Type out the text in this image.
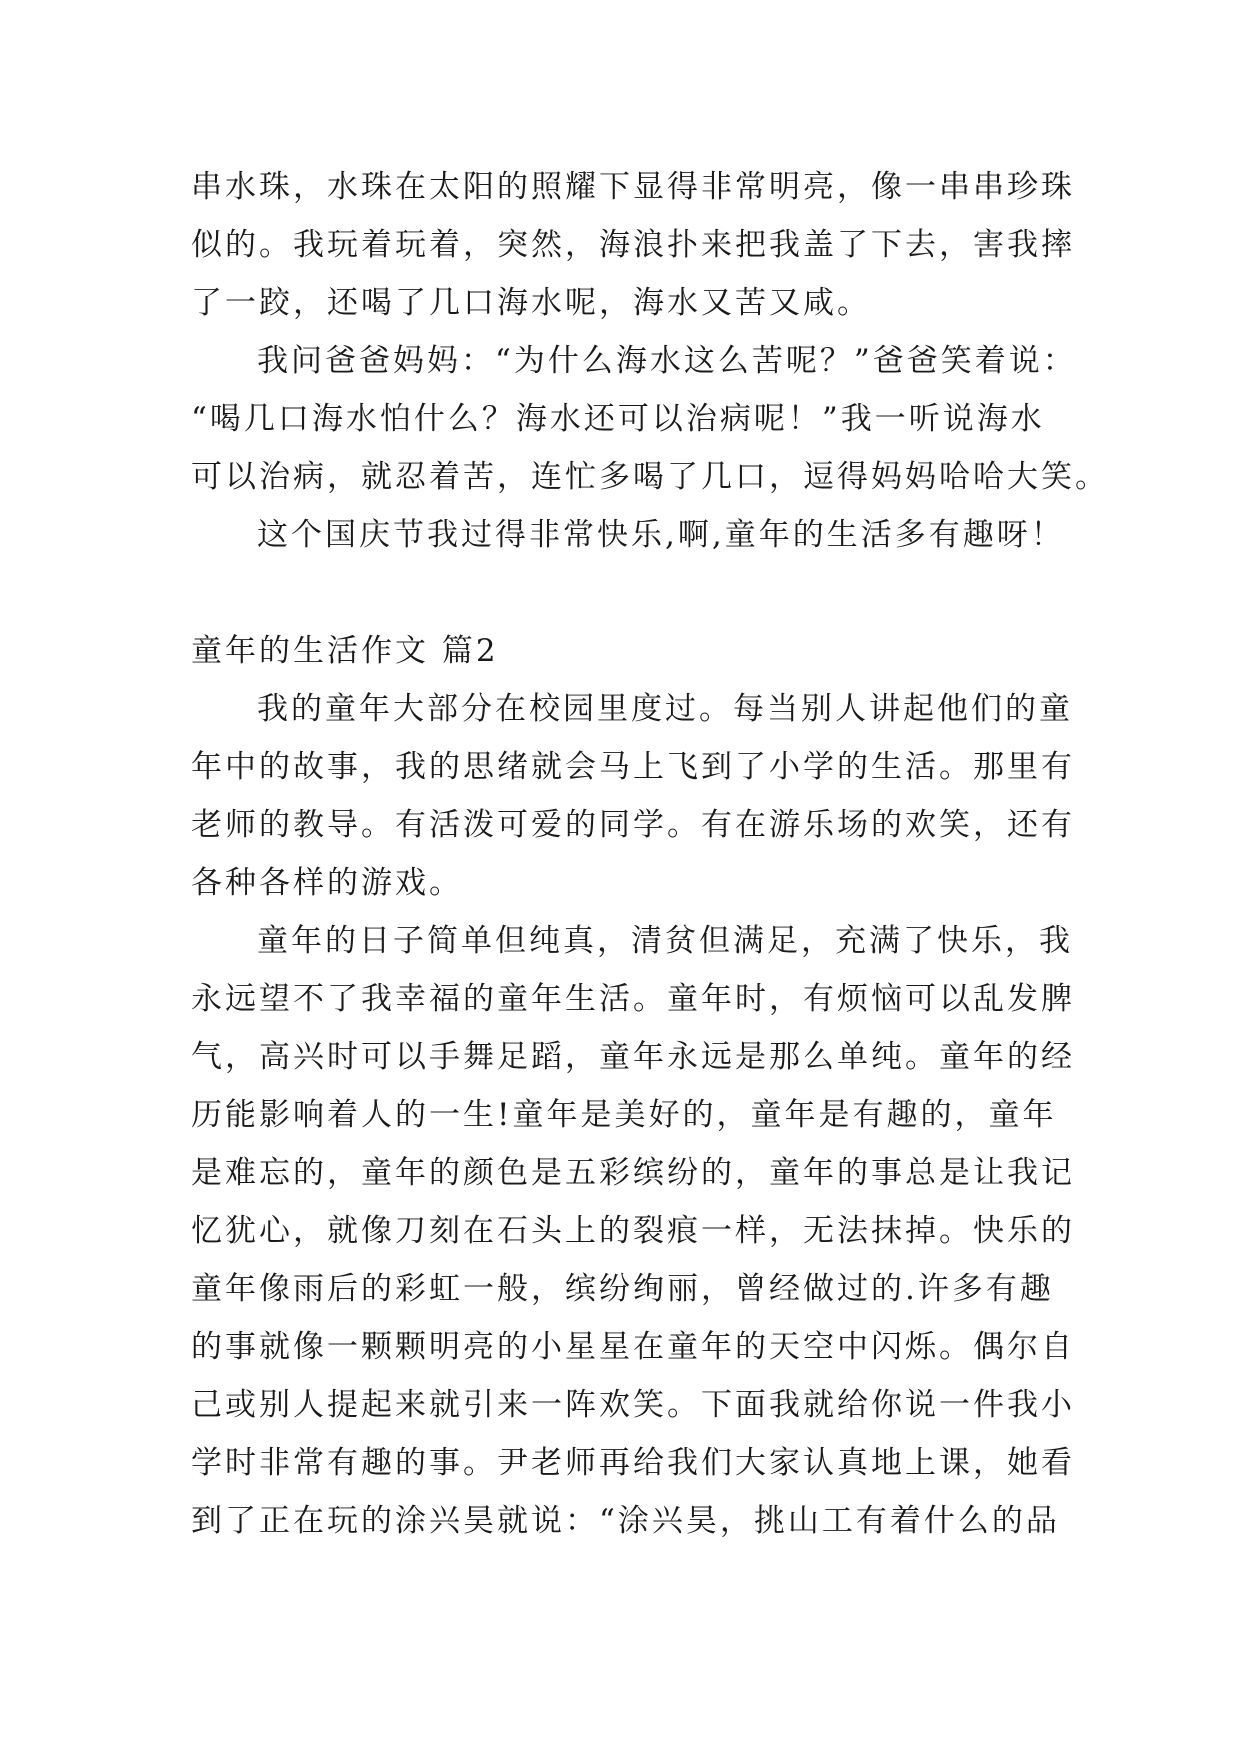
串水珠，水珠在太阳的照耀下显得非常明亮，像一串串珍珠
似的。我玩着玩着，突然，海浪扑来把我盖了下去，害我摔
了一跤，还喝了几口海水呢，海水又苦又咸。
我问爸爸妈妈：“为什么海水这么苦呢？”爸爸笑着说：
“喝几口海水怕什么？海水还可以治病呢！”我一听说海水
可以治病，就忍着苦，连忙多喝了几口，逗得妈妈哈哈大笑。
这个国庆节我过得非常快乐,啊,童年的生活多有趣呀！
童年的生活作文 篇2
我的童年大部分在校园里度过。每当别人讲起他们的童
年中的故事，我的思绪就会马上飞到了小学的生活。那里有
老师的教导。有活泼可爱的同学。有在游乐场的欢笑，还有
各种各样的游戏。
童年的日子简单但纯真，清贫但满足，充满了快乐，我
永远望不了我幸福的童年生活。童年时，有烦恼可以乱发脾
气，高兴时可以手舞足蹈，童年永远是那么单纯。童年的经
历能影响着人的一生!童年是美好的，童年是有趣的，童年
是难忘的，童年的颜色是五彩缤纷的，童年的事总是让我记
忆犹心，就像刀刻在石头上的裂痕一样，无法抹掉。快乐的
童年像雨后的彩虹一般，缤纷绚丽，曾经做过的.许多有趣
的事就像一颗颗明亮的小星星在童年的天空中闪烁。偶尔自
己或别人提起来就引来一阵欢笑。下面我就给你说一件我小
学时非常有趣的事。尹老师再给我们大家认真地上课，她看
到了正在玩的涂兴昊就说：“涂兴昊，挑山工有着什么的品
